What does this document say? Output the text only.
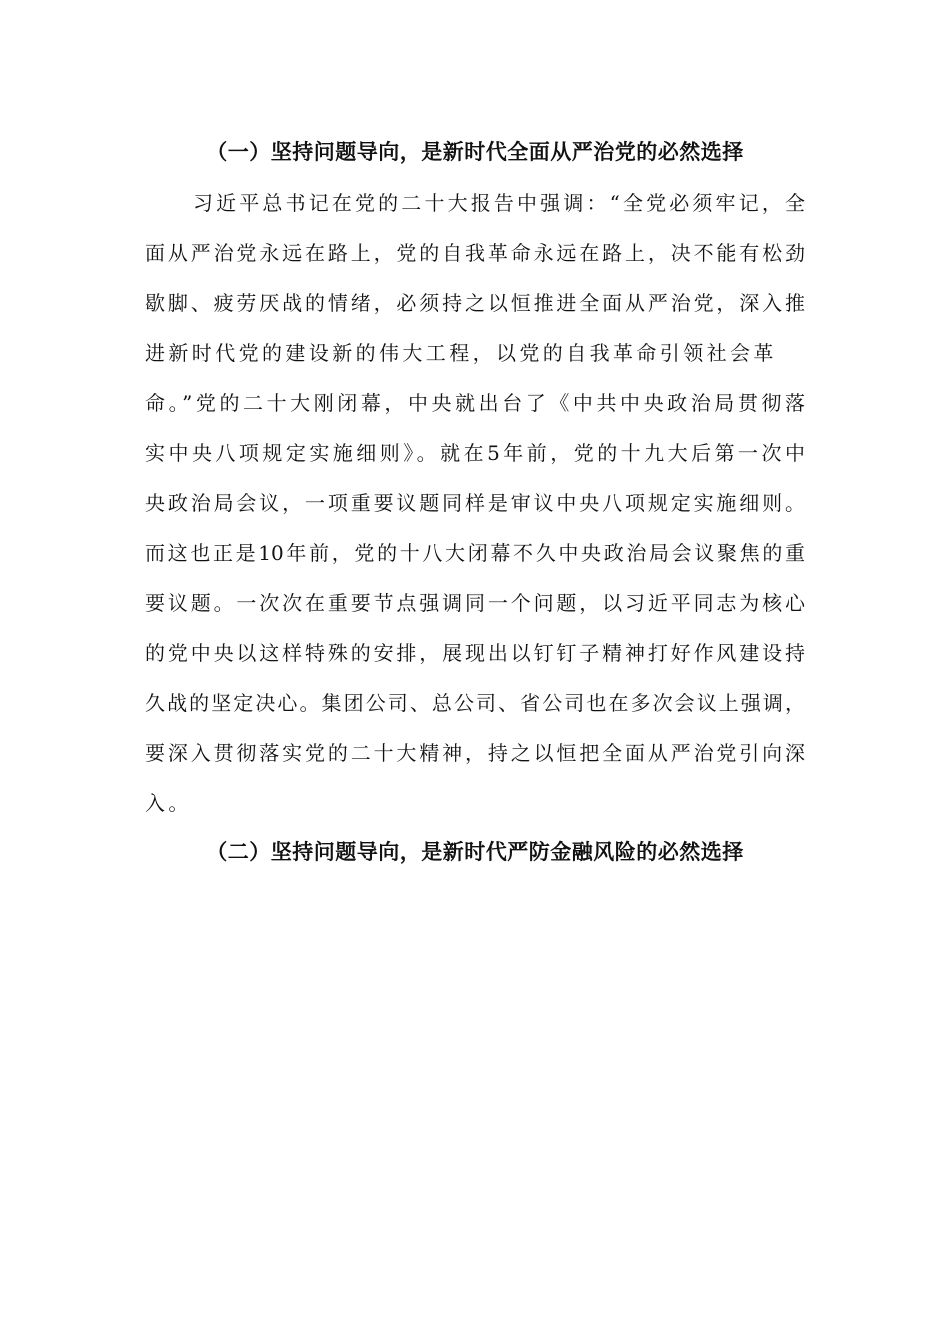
（一）坚持问题导向，是新时代全面从严治党的必然选择
习近平总书记在党的二十大报告中强调：“全党必须牢记，全
面从严治党永远在路上，党的自我革命永远在路上，决不能有松劲
歇脚、疲劳厌战的情绪，必须持之以恒推进全面从严治党，深入推
进新时代党的建设新的伟大工程，以党的自我革命引领社会革
命。”党的二十大刚闭幕，中央就出台了《中共中央政治局贯彻落
实中央八项规定实施细则》。就在5年前，党的十九大后第一次中
央政治局会议，一项重要议题同样是审议中央八项规定实施细则。
而这也正是10年前，党的十八大闭幕不久中央政治局会议聚焦的重
要议题。一次次在重要节点强调同一个问题，以习近平同志为核心
的党中央以这样特殊的安排，展现出以钉钉子精神打好作风建设持
久战的坚定决心。集团公司、总公司、省公司也在多次会议上强调，
要深入贯彻落实党的二十大精神，持之以恒把全面从严治党引向深
入。
（二）坚持问题导向，是新时代严防金融风险的必然选择
